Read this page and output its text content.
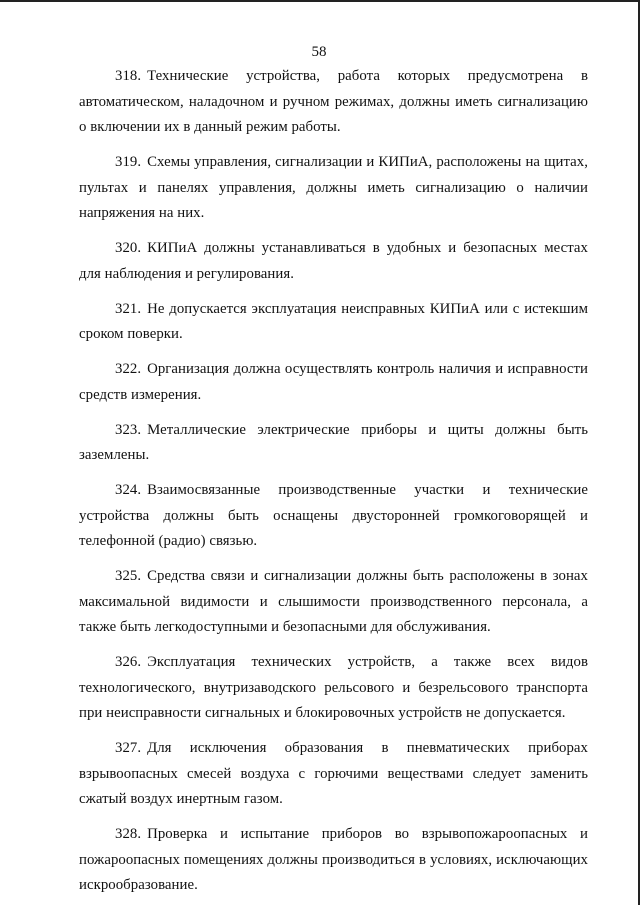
58

318. Технические устройства, работа которых предусмотрена в автоматическом, наладочном и ручном режимах, должны иметь сигнализацию о включении их в данный режим работы.

319. Схемы управления, сигнализации и КИПиА, расположены на щитах, пультах и панелях управления, должны иметь сигнализацию о наличии напряжения на них.

320. КИПиА должны устанавливаться в удобных и безопасных местах для наблюдения и регулирования.

321. Не допускается эксплуатация неисправных КИПиА или с истекшим сроком поверки.

322. Организация должна осуществлять контроль наличия и исправности средств измерения.

323. Металлические электрические приборы и щиты должны быть заземлены.

324. Взаимосвязанные производственные участки и технические устройства должны быть оснащены двусторонней громкоговорящей и телефонной (радио) связью.

325. Средства связи и сигнализации должны быть расположены в зонах максимальной видимости и слышимости производственного персонала, а также быть легкодоступными и безопасными для обслуживания.

326. Эксплуатация технических устройств, а также всех видов технологического, внутризаводского рельсового и безрельсового транспорта при неисправности сигнальных и блокировочных устройств не допускается.

327. Для исключения образования в пневматических приборах взрывоопасных смесей воздуха с горючими веществами следует заменить сжатый воздух инертным газом.

328. Проверка и испытание приборов во взрывопожароопасных и пожароопасных помещениях должны производиться в условиях, исключающих искрообразование.
